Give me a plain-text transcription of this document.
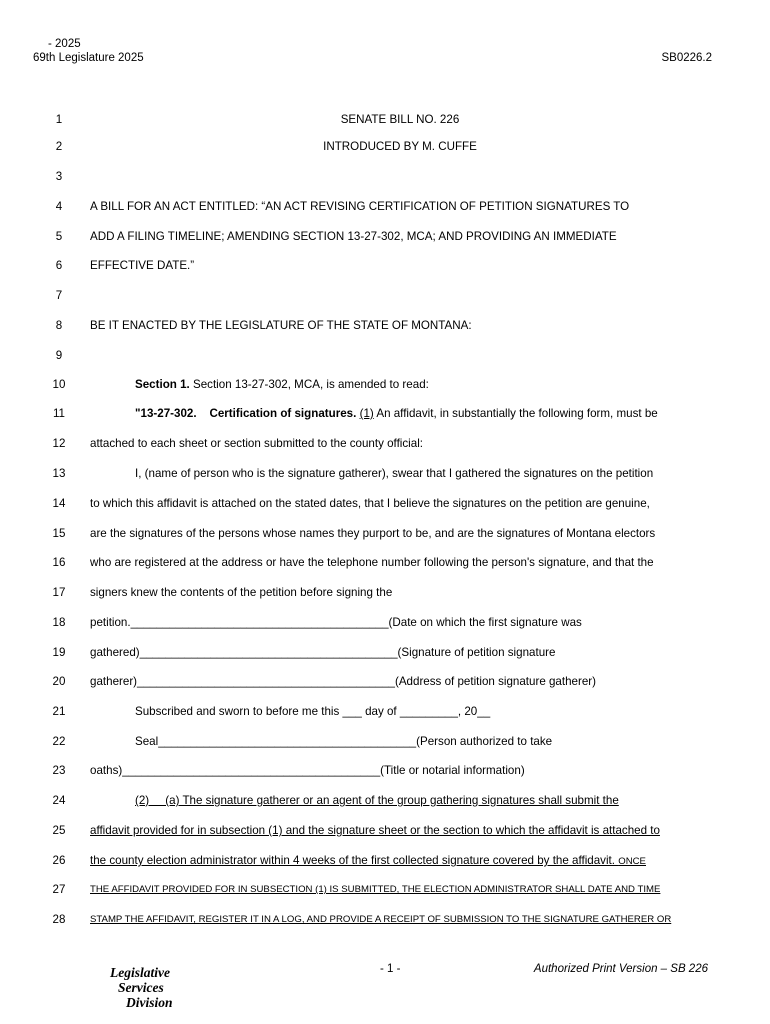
- 2025
69th Legislature 2025	SB0226.2
1	SENATE BILL NO. 226
2	INTRODUCED BY M. CUFFE
3
4	A BILL FOR AN ACT ENTITLED: “AN ACT REVISING CERTIFICATION OF PETITION SIGNATURES TO
5	ADD A FILING TIMELINE; AMENDING SECTION 13-27-302, MCA; AND PROVIDING AN IMMEDIATE
6	EFFECTIVE DATE.”
7
8	BE IT ENACTED BY THE LEGISLATURE OF THE STATE OF MONTANA:
9
10	Section 1. Section 13-27-302, MCA, is amended to read:
11	"13-27-302.    Certification of signatures. (1) An affidavit, in substantially the following form, must be
12	attached to each sheet or section submitted to the county official:
13	I, (name of person who is the signature gatherer), swear that I gathered the signatures on the petition
14	to which this affidavit is attached on the stated dates, that I believe the signatures on the petition are genuine,
15	are the signatures of the persons whose names they purport to be, and are the signatures of Montana electors
16	who are registered at the address or have the telephone number following the person's signature, and that the
17	signers knew the contents of the petition before signing the
18	petition.________________________________________(Date on which the first signature was
19	gathered)________________________________________(Signature of petition signature
20	gatherer)________________________________________(Address of petition signature gatherer)
21	Subscribed and sworn to before me this ___ day of _________, 20__
22	Seal________________________________________(Person authorized to take
23	oaths)________________________________________(Title or notarial information)
24	(2)     (a) The signature gatherer or an agent of the group gathering signatures shall submit the
25	affidavit provided for in subsection (1) and the signature sheet or the section to which the affidavit is attached to
26	the county election administrator within 4 weeks of the first collected signature covered by the affidavit. ONCE
27	THE AFFIDAVIT PROVIDED FOR IN SUBSECTION (1) IS SUBMITTED, THE ELECTION ADMINISTRATOR SHALL DATE AND TIME
28	STAMP THE AFFIDAVIT, REGISTER IT IN A LOG, AND PROVIDE A RECEIPT OF SUBMISSION TO THE SIGNATURE GATHERER OR
Legislative
Services
Division
- 1 -	Authorized Print Version – SB 226
